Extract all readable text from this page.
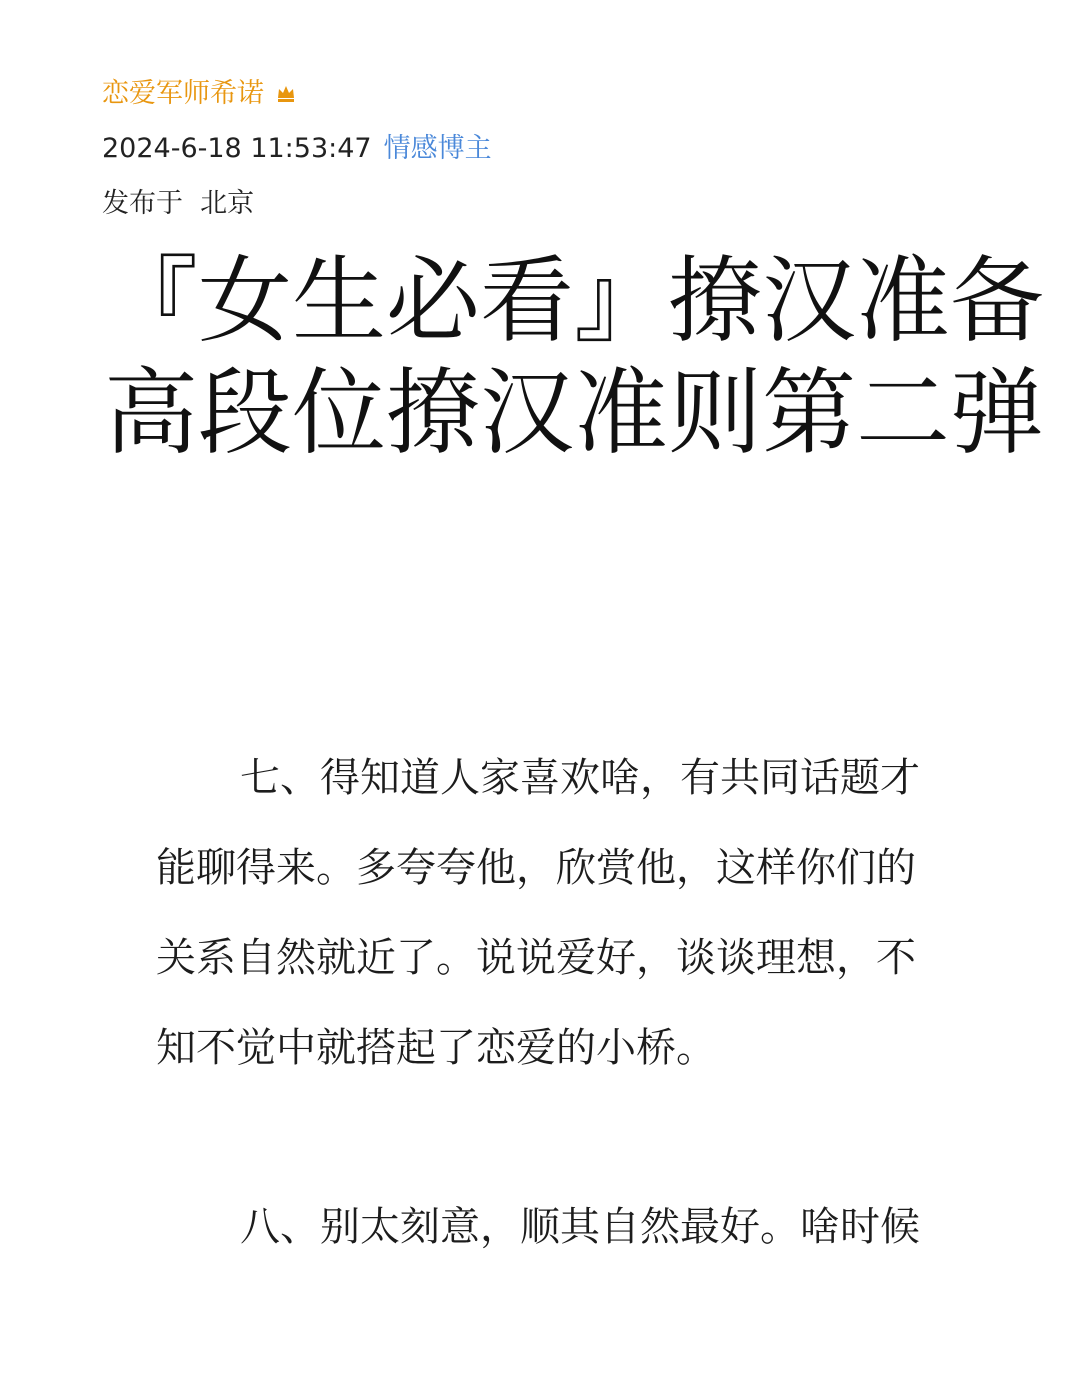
恋爱军师希诺
2024-6-18 11:53:47 情感博主
发布于  北京
『女生必看』撩汉准备
高段位撩汉准则第二弹
七、得知道人家喜欢啥，有共同话题才
能聊得来。多夸夸他，欣赏他，这样你们的
关系自然就近了。说说爱好，谈谈理想，不
知不觉中就搭起了恋爱的小桥。
八、别太刻意，顺其自然最好。啥时候
